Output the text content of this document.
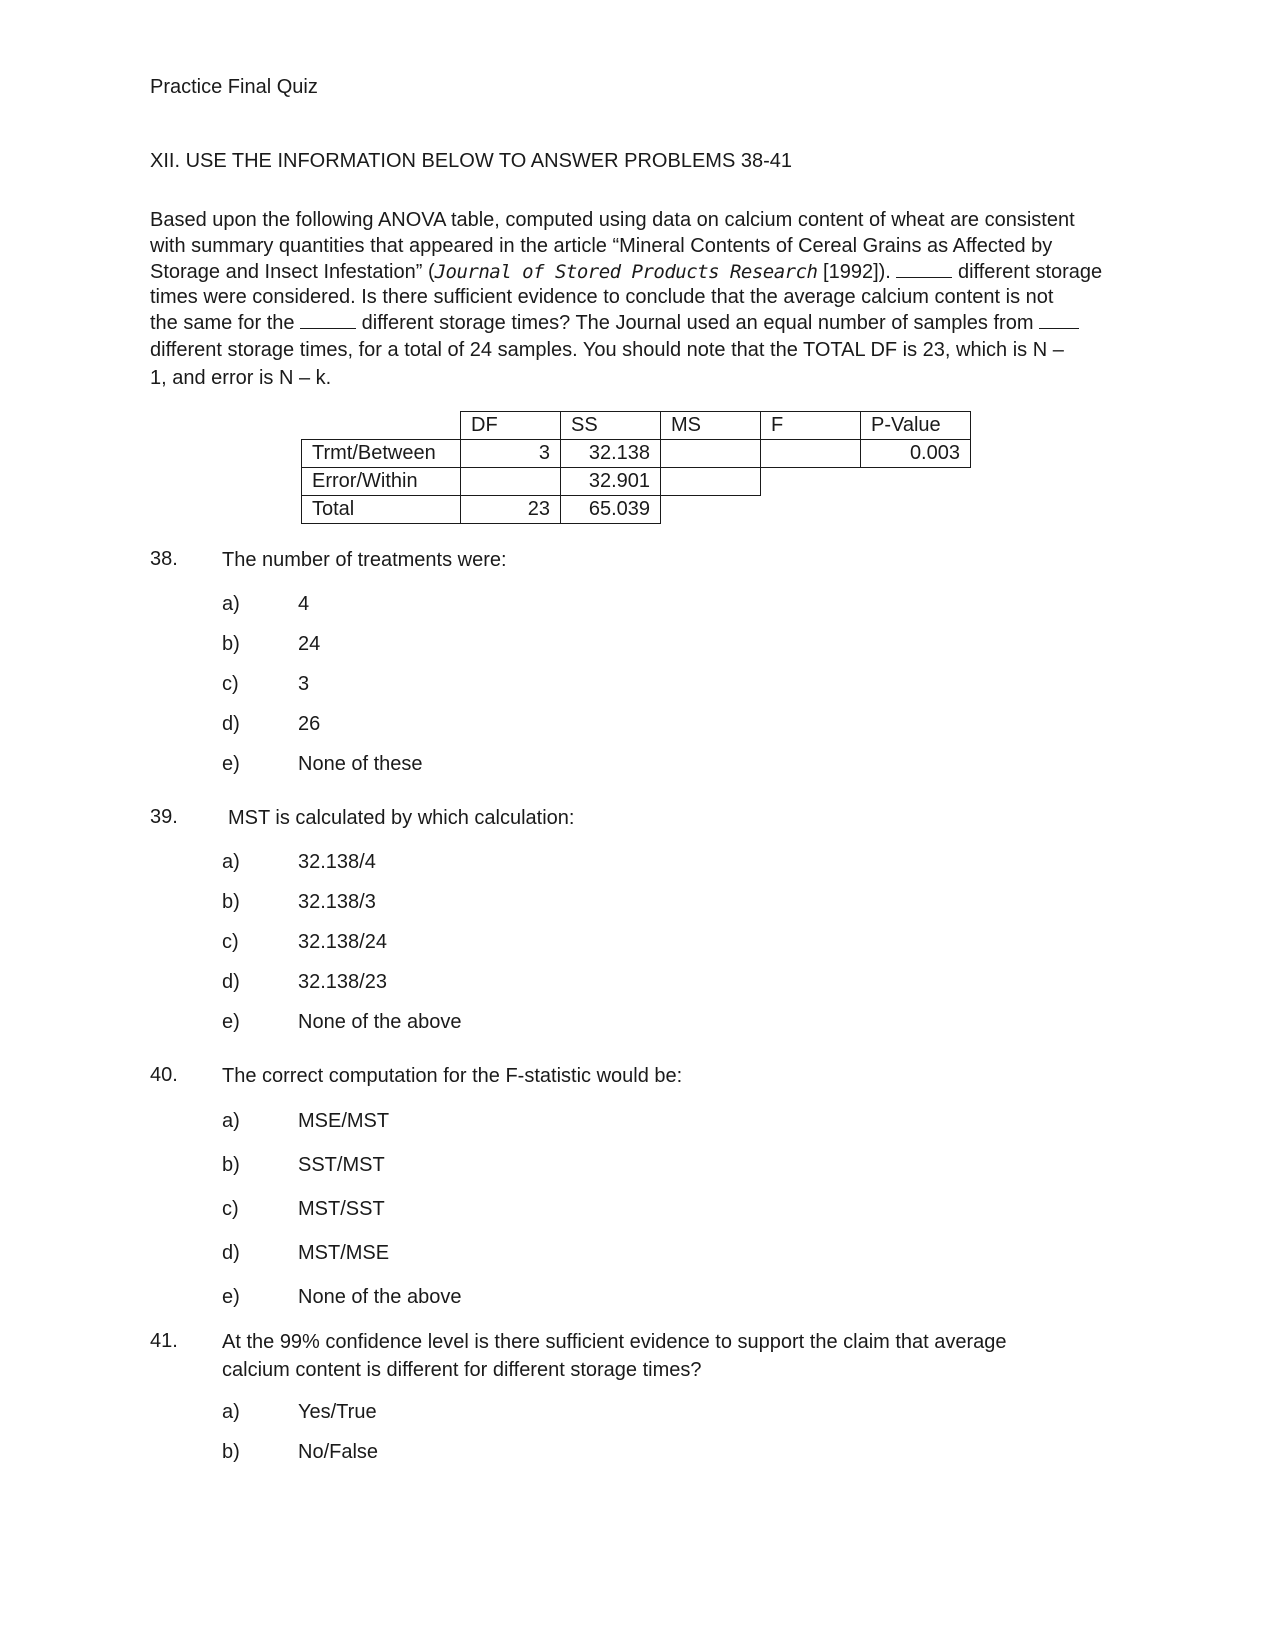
Practice Final Quiz
XII. USE THE INFORMATION BELOW TO ANSWER PROBLEMS 38-41
Based upon the following ANOVA table, computed using data on calcium content of wheat are consistent
with summary quantities that appeared in the article “Mineral Contents of Cereal Grains as Affected by
Storage and Insect Infestation” (Journal of Stored Products Research [1992]).	different storage
times were considered. Is there sufficient evidence to conclude that the average calcium content is not
the same for the	different storage times? The Journal used an equal number of samples from
different storage times, for a total of 24 samples. You should note that the TOTAL DF is 23, which is N –
1, and error is N – k.
	DF	SS	MS	F	P-Value
Trmt/Between	3	32.138			0.003
Error/Within		32.901			
Total	23	65.039			
38. The number of treatments were:
a)	4
b)	24
c)	3
d)	26
e)	None of these
39.	MST is calculated by which calculation:
a)	32.138/4
b)	32.138/3
c)	32.138/24
d)	32.138/23
e)	None of the above
40. The correct computation for the F-statistic would be:
a)	MSE/MST
b)	SST/MST
c)	MST/SST
d)	MST/MSE
e)	None of the above
41. At the 99% confidence level is there sufficient evidence to support the claim that average
calcium content is different for different storage times?
a)	Yes/True
b)	No/False
